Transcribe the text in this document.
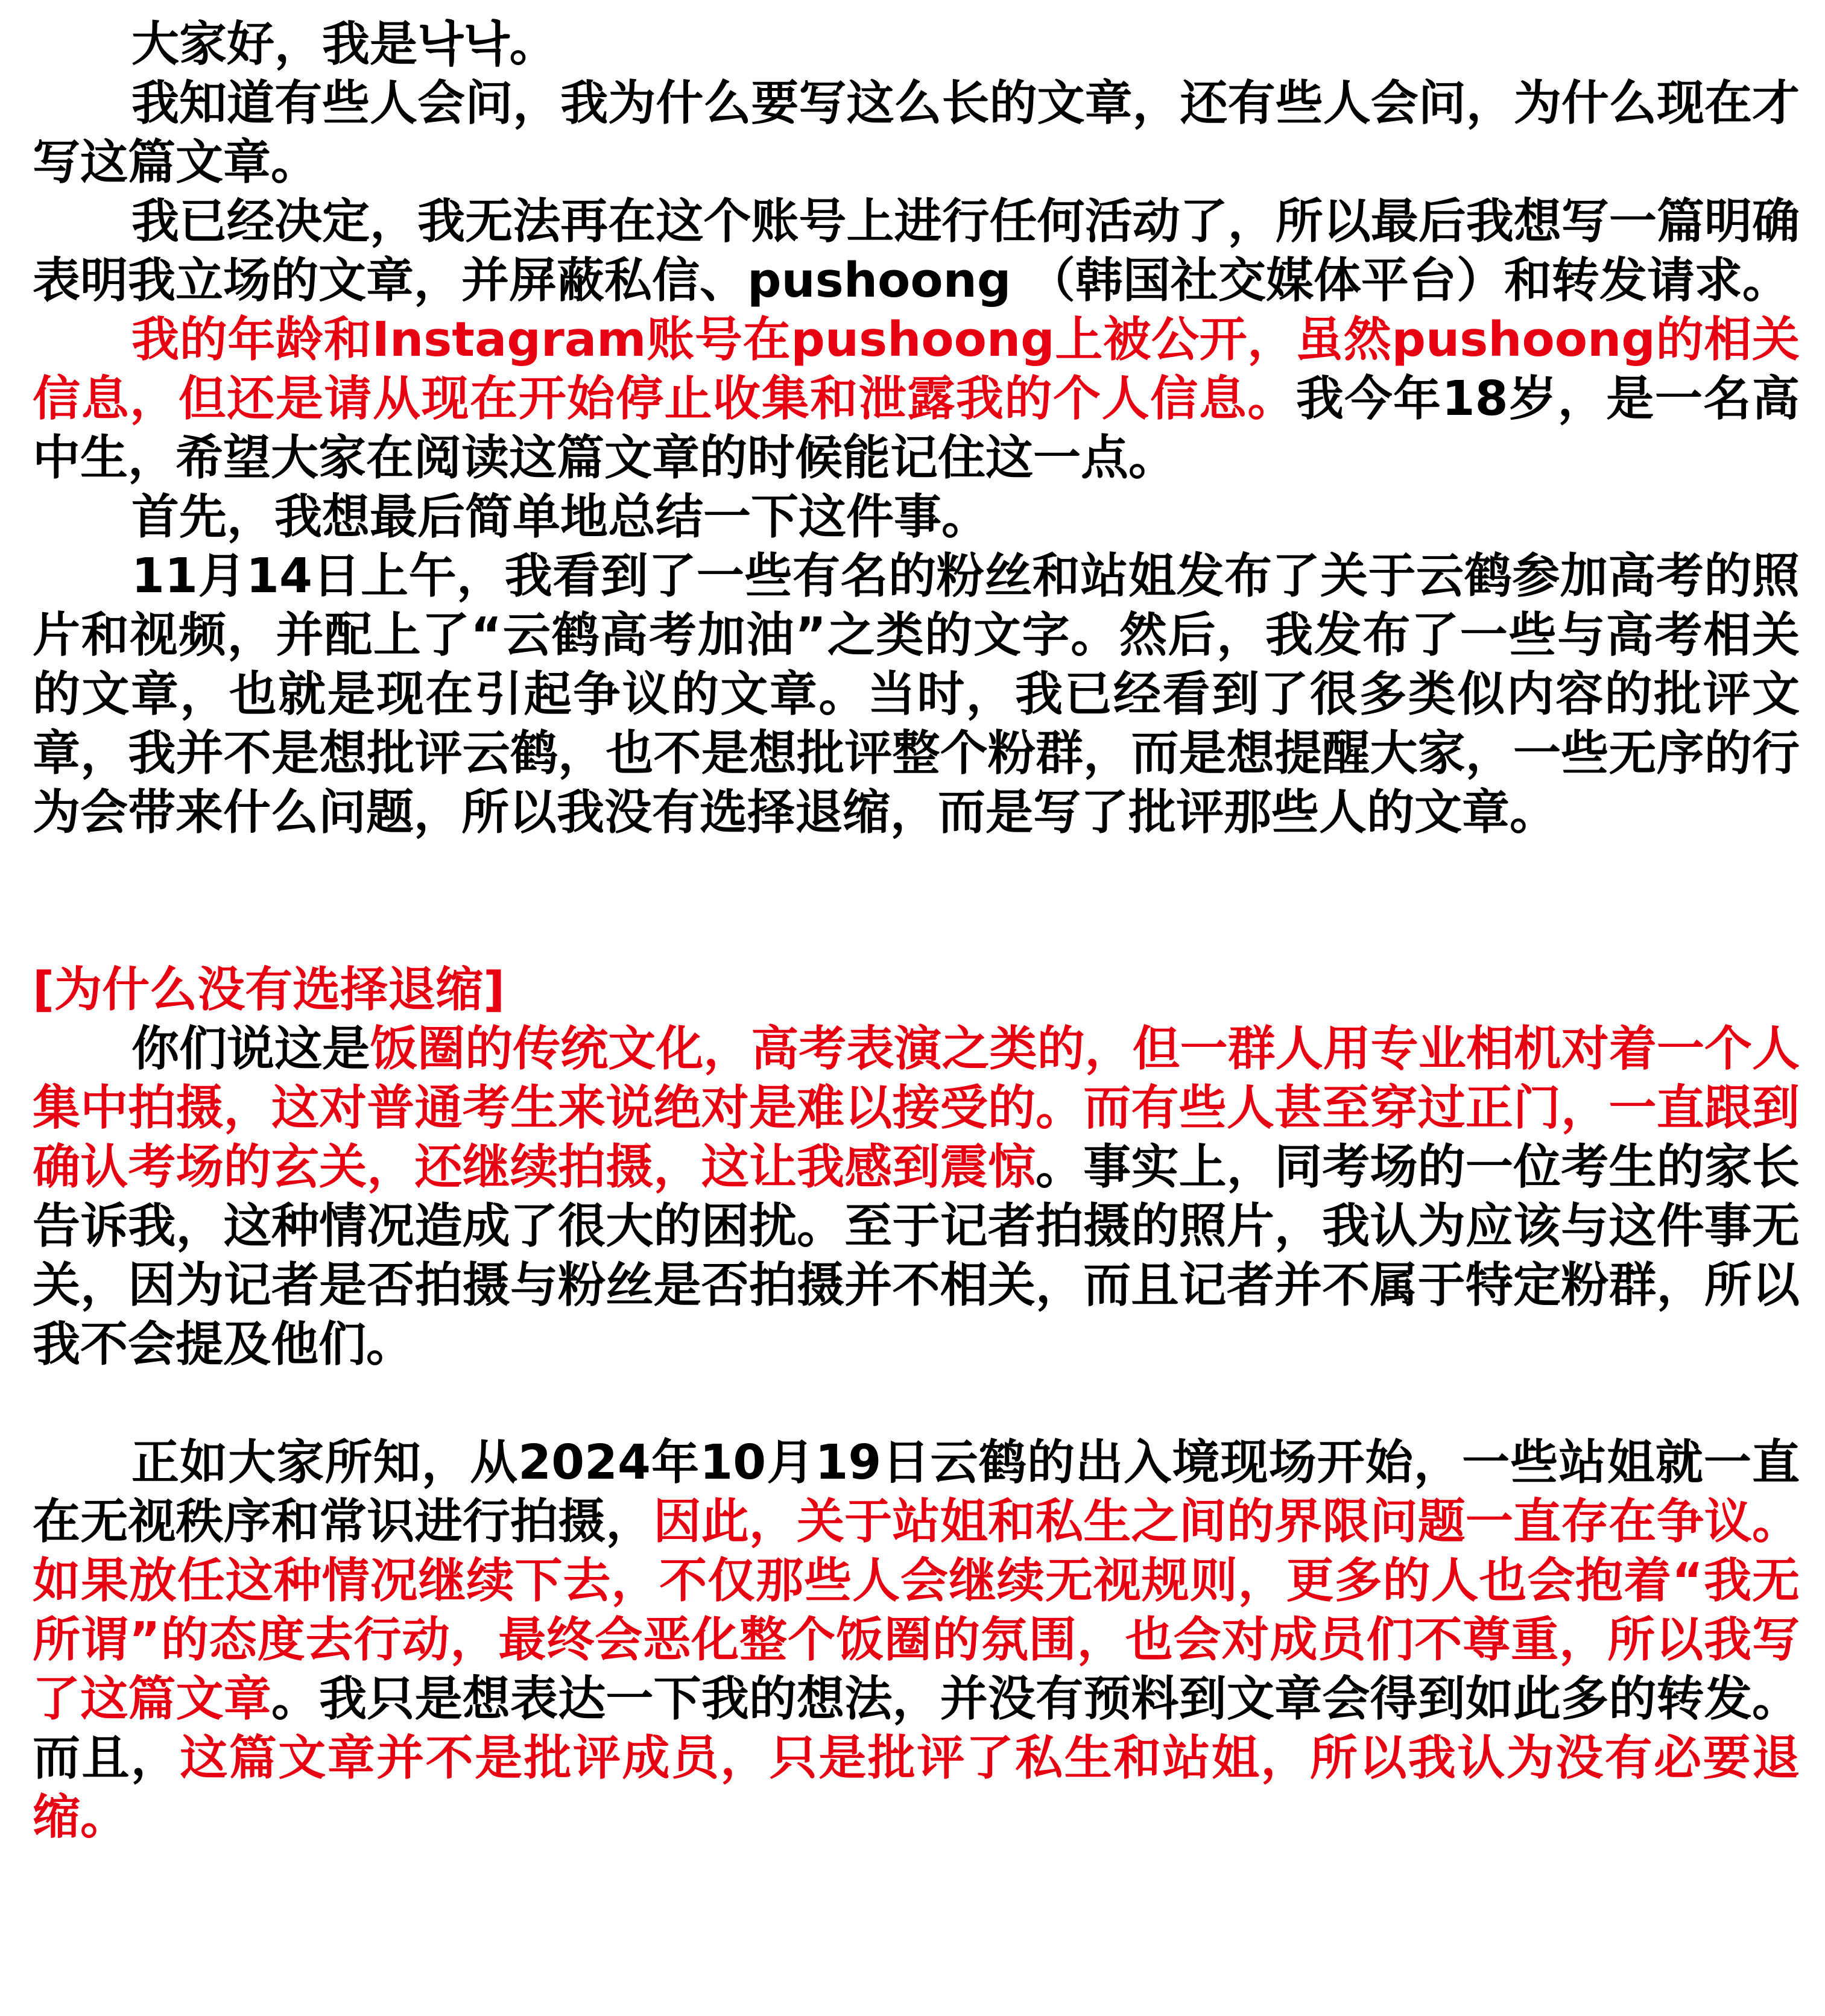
大家好，我是낙낙。

我知道有些人会问，我为什么要写这么长的文章，还有些人会问，为什么现在才写这篇文章。

我已经决定，我无法再在这个账号上进行任何活动了，所以最后我想写一篇明确表明我立场的文章，并屏蔽私信、pushoong （韩国社交媒体平台）和转发请求。

我的年龄和Instagram账号在pushoong上被公开，虽然pushoong的相关信息，但还是请从现在开始停止收集和泄露我的个人信息。我今年18岁，是一名高中生，希望大家在阅读这篇文章的时候能记住这一点。

首先，我想最后简单地总结一下这件事。

11月14日上午，我看到了一些有名的粉丝和站姐发布了关于云鹤参加高考的照片和视频，并配上了“云鹤高考加油”之类的文字。然后，我发布了一些与高考相关的文章，也就是现在引起争议的文章。当时，我已经看到了很多类似内容的批评文章，我并不是想批评云鹤，也不是想批评整个粉群，而是想提醒大家，一些无序的行为会带来什么问题，所以我没有选择退缩，而是写了批评那些人的文章。

[为什么没有选择退缩]

你们说这是饭圈的传统文化，高考表演之类的，但一群人用专业相机对着一个人集中拍摄，这对普通考生来说绝对是难以接受的。而有些人甚至穿过正门，一直跟到确认考场的玄关，还继续拍摄，这让我感到震惊。事实上，同考场的一位考生的家长告诉我，这种情况造成了很大的困扰。至于记者拍摄的照片，我认为应该与这件事无关，因为记者是否拍摄与粉丝是否拍摄并不相关，而且记者并不属于特定粉群，所以我不会提及他们。

正如大家所知，从2024年10月19日云鹤的出入境现场开始，一些站姐就一直在无视秩序和常识进行拍摄，因此，关于站姐和私生之间的界限问题一直存在争议。如果放任这种情况继续下去，不仅那些人会继续无视规则，更多的人也会抱着“我无所谓”的态度去行动，最终会恶化整个饭圈的氛围，也会对成员们不尊重，所以我写了这篇文章。我只是想表达一下我的想法，并没有预料到文章会得到如此多的转发。而且，这篇文章并不是批评成员，只是批评了私生和站姐，所以我认为没有必要退缩。
